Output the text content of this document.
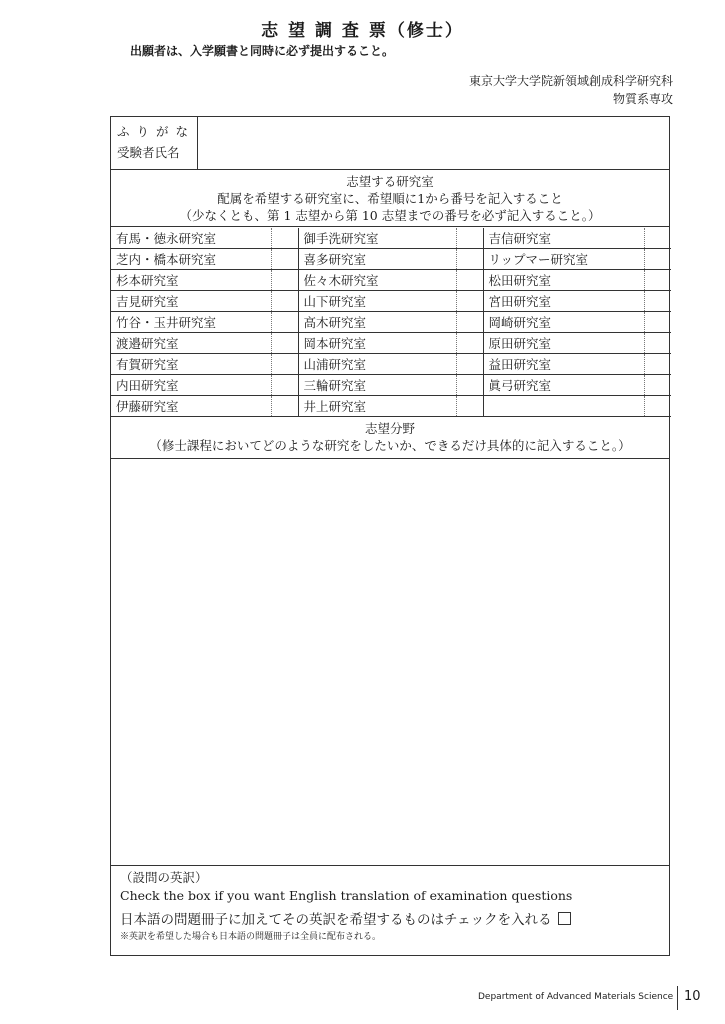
志 望 調 査 票（修士）
出願者は、入学願書と同時に必ず提出すること。
東京大学大学院新領域創成科学研究科
物質系専攻
ふりがな
受験者氏名
志望する研究室
配属を希望する研究室に、希望順に1から番号を記入すること
（少なくとも、第 1 志望から第 10 志望までの番号を必ず記入すること。）
有馬・徳永研究室		御手洗研究室		吉信研究室	
芝内・橋本研究室		喜多研究室		リップマー研究室	
杉本研究室		佐々木研究室		松田研究室	
吉見研究室		山下研究室		宮田研究室	
竹谷・玉井研究室		高木研究室		岡崎研究室	
渡邉研究室		岡本研究室		原田研究室	
有賀研究室		山浦研究室		益田研究室	
内田研究室		三輪研究室		眞弓研究室	
伊藤研究室		井上研究室			
志望分野
（修士課程においてどのような研究をしたいか、できるだけ具体的に記入すること。）
（設問の英訳）
Check the box if you want English translation of examination questions
日本語の問題冊子に加えてその英訳を希望するものはチェックを入れる
※英訳を希望した場合も日本語の問題冊子は全員に配布される。
Department of Advanced Materials Science 10
